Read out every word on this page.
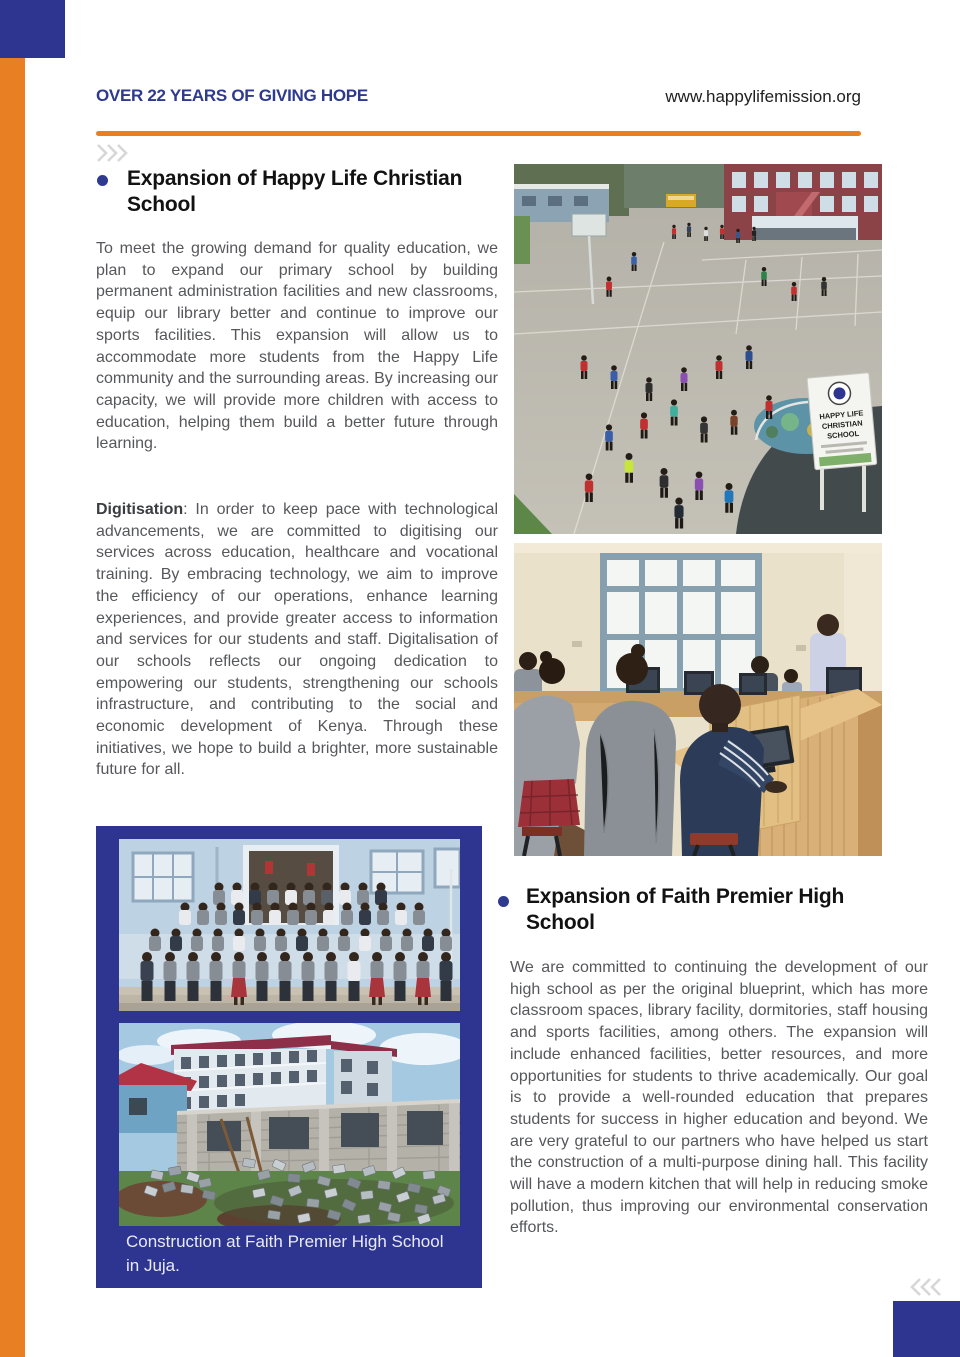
OVER 22 YEARS OF GIVING HOPE	www.happylifemission.org
Expansion of Happy Life Christian School

To meet the growing demand for quality education, we plan to expand our primary school by building permanent administration facilities and new classrooms, equip our library better and continue to improve our sports facilities. This expansion will allow us to accommodate more students from the Happy Life community and the surrounding areas. By increasing our capacity, we will provide more children with access to education, helping them build a better future through learning.

HAPPY LIFE
CHRISTIAN
SCHOOL

Digitisation: In order to keep pace with technological advancements, we are committed to digitising our services across education, healthcare and vocational training. By embracing technology, we aim to improve the efficiency of our operations, enhance learning experiences, and provide greater access to information and services for our students and staff. Digitalisation of our schools reflects our ongoing dedication to empowering our students, strengthening our schools infrastructure, and contributing to the social and economic development of Kenya. Through these initiatives, we hope to build a brighter, more sustainable future for all.

Construction at Faith Premier High School in Juja.
Expansion of Faith Premier High School

We are committed to continuing the development of our high school as per the original blueprint, which has more classroom spaces, library facility, dormitories, staff housing and sports facilities, among others. The expansion will include enhanced facilities, better resources, and more opportunities for students to thrive academically. Our goal is to provide a well-rounded education that prepares students for success in higher education and beyond. We are very grateful to our partners who have helped us start the construction of a multi-purpose dining hall. This facility will have a modern kitchen that will help in reducing smoke pollution, thus improving our environmental conservation efforts.
